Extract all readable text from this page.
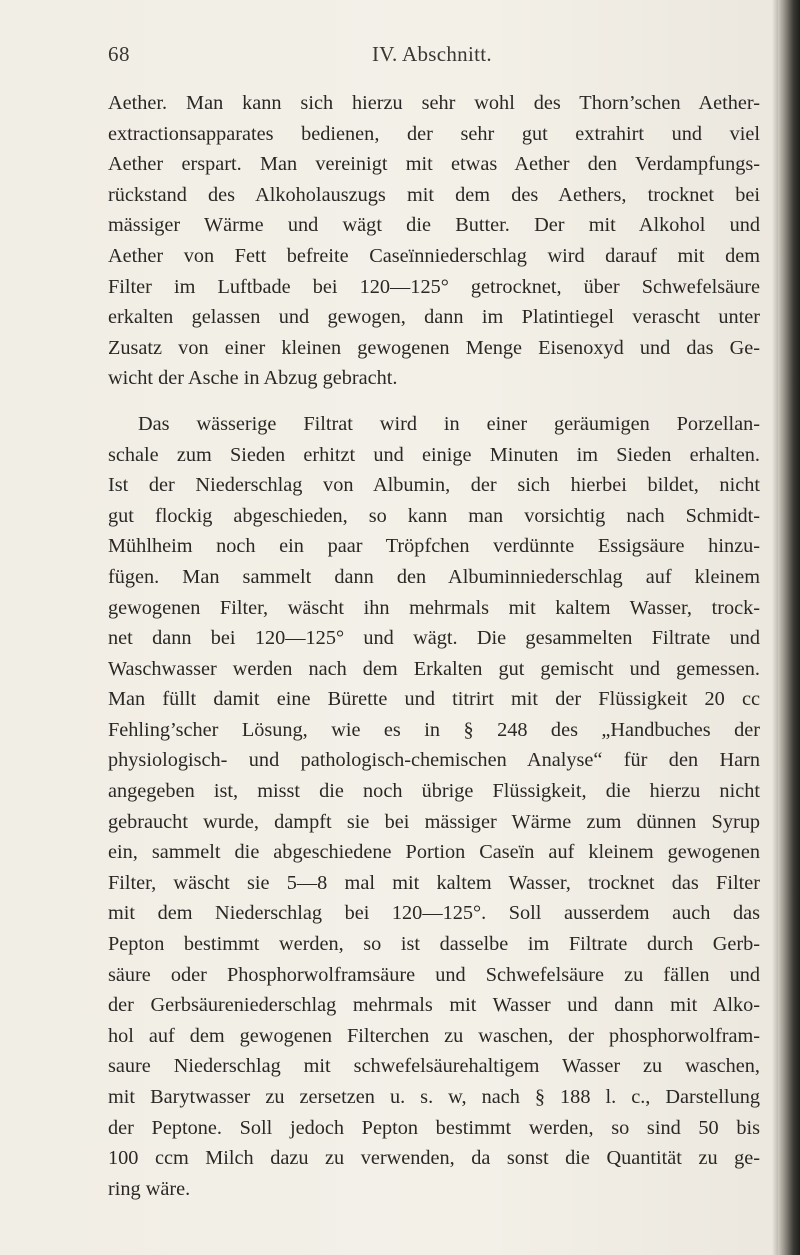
68	IV. Abschnitt.
Aether. Man kann sich hierzu sehr wohl des Thorn’schen Aether-
extractionsapparates bedienen, der sehr gut extrahirt und viel
Aether erspart. Man vereinigt mit etwas Aether den Verdampfungs-
rückstand des Alkoholauszugs mit dem des Aethers, trocknet bei
mässiger Wärme und wägt die Butter. Der mit Alkohol und
Aether von Fett befreite Caseïnniederschlag wird darauf mit dem
Filter im Luftbade bei 120—125° getrocknet, über Schwefelsäure
erkalten gelassen und gewogen, dann im Platintiegel verascht unter
Zusatz von einer kleinen gewogenen Menge Eisenoxyd und das Ge-
wicht der Asche in Abzug gebracht.
Das wässerige Filtrat wird in einer geräumigen Porzellan-
schale zum Sieden erhitzt und einige Minuten im Sieden erhalten.
Ist der Niederschlag von Albumin, der sich hierbei bildet, nicht
gut flockig abgeschieden, so kann man vorsichtig nach Schmidt-
Mühlheim noch ein paar Tröpfchen verdünnte Essigsäure hinzu-
fügen. Man sammelt dann den Albuminniederschlag auf kleinem
gewogenen Filter, wäscht ihn mehrmals mit kaltem Wasser, trock-
net dann bei 120—125° und wägt. Die gesammelten Filtrate und
Waschwasser werden nach dem Erkalten gut gemischt und gemessen.
Man füllt damit eine Bürette und titrirt mit der Flüssigkeit 20 cc
Fehling’scher Lösung, wie es in § 248 des „Handbuches der
physiologisch- und pathologisch-chemischen Analyse“ für den Harn
angegeben ist, misst die noch übrige Flüssigkeit, die hierzu nicht
gebraucht wurde, dampft sie bei mässiger Wärme zum dünnen Syrup
ein, sammelt die abgeschiedene Portion Caseïn auf kleinem gewogenen
Filter, wäscht sie 5—8 mal mit kaltem Wasser, trocknet das Filter
mit dem Niederschlag bei 120—125°. Soll ausserdem auch das
Pepton bestimmt werden, so ist dasselbe im Filtrate durch Gerb-
säure oder Phosphorwolframsäure und Schwefelsäure zu fällen und
der Gerbsäureniederschlag mehrmals mit Wasser und dann mit Alko-
hol auf dem gewogenen Filterchen zu waschen, der phosphorwolfram-
saure Niederschlag mit schwefelsäurehaltigem Wasser zu waschen,
mit Barytwasser zu zersetzen u. s. w, nach § 188 l. c., Darstellung
der Peptone. Soll jedoch Pepton bestimmt werden, so sind 50 bis
100 ccm Milch dazu zu verwenden, da sonst die Quantität zu ge-
ring wäre.
